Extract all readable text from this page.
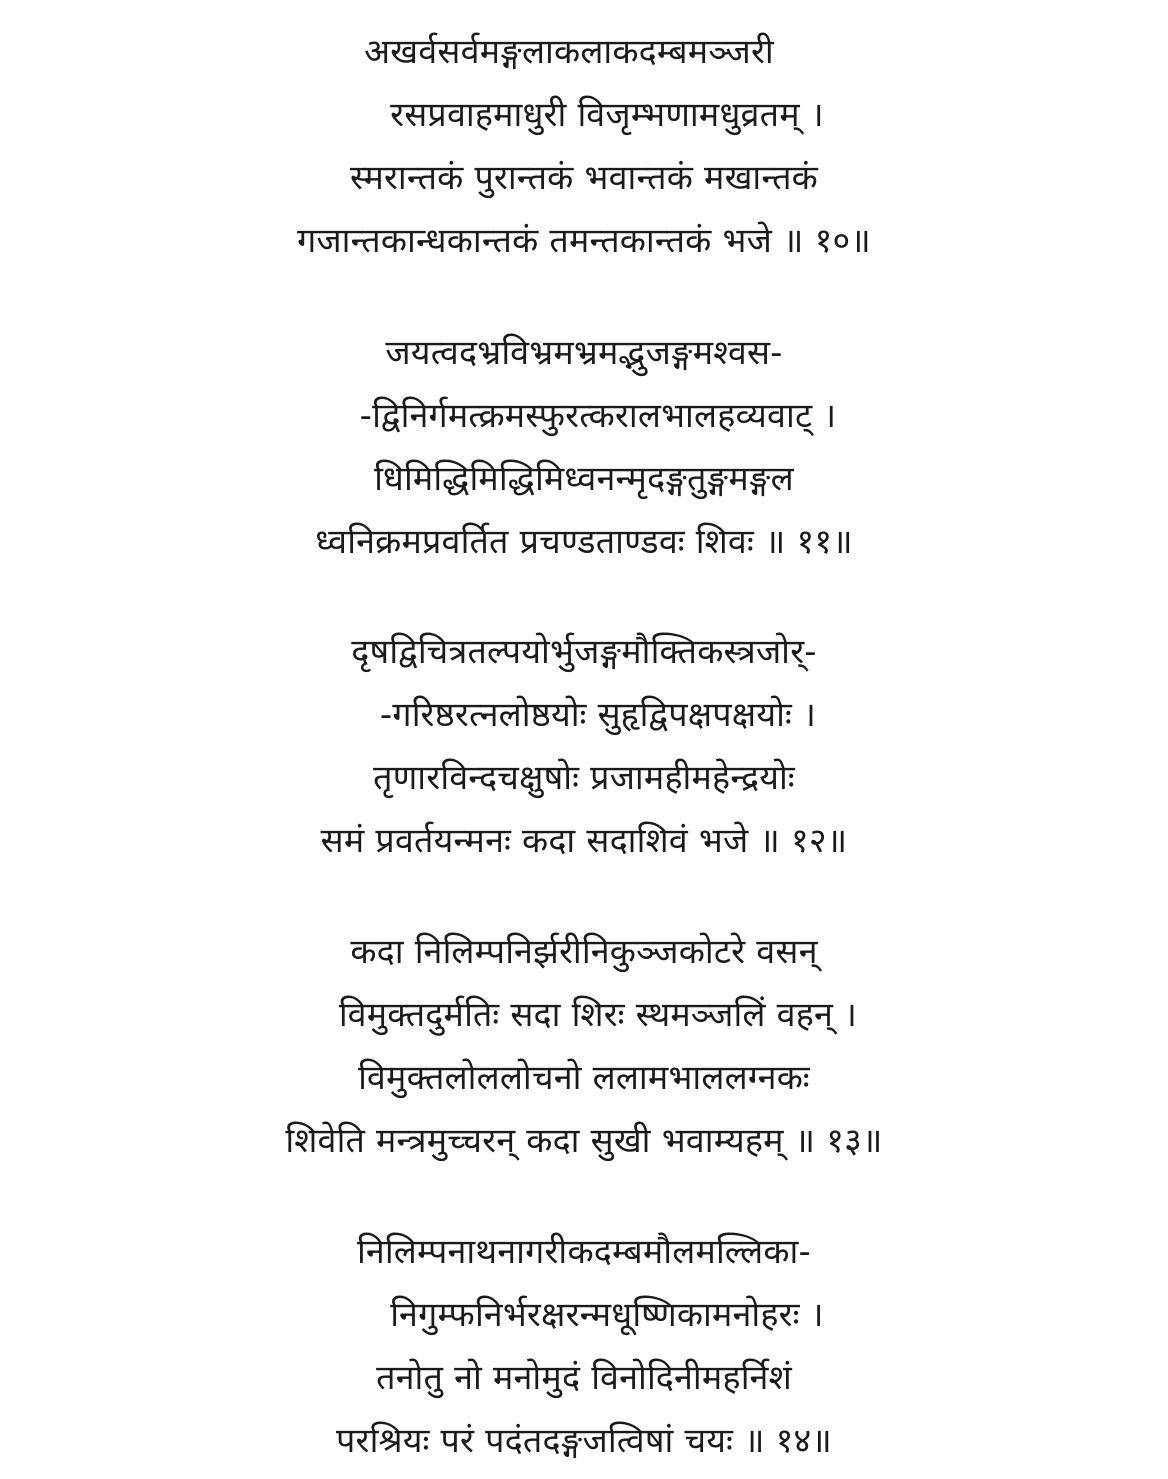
अखर्वसर्वमङ्गलाकलाकदम्बमञ्जरी
रसप्रवाहमाधुरी विजृम्भणामधुव्रतम् ।
स्मरान्तकं पुरान्तकं भवान्तकं मखान्तकं
गजान्तकान्धकान्तकं तमन्तकान्तकं भजे ॥ १०॥
जयत्वदभ्रविभ्रमभ्रमद्भुजङ्गमश्वस-
-द्विनिर्गमत्क्रमस्फुरत्करालभालहव्यवाट् ।
धिमिद्धिमिद्धिमिध्वनन्मृदङ्गतुङ्गमङ्गल
ध्वनिक्रमप्रवर्तित प्रचण्डताण्डवः शिवः ॥ ११॥
दृषद्विचित्रतल्पयोर्भुजङ्गमौक्तिकस्त्रजोर्-
-गरिष्ठरत्नलोष्ठयोः सुहृद्विपक्षपक्षयोः ।
तृणारविन्दचक्षुषोः प्रजामहीमहेन्द्रयोः
समं प्रवर्तयन्मनः कदा सदाशिवं भजे ॥ १२॥
कदा निलिम्पनिर्झरीनिकुञ्जकोटरे वसन्
विमुक्तदुर्मतिः सदा शिरः स्थमञ्जलिं वहन् ।
विमुक्तलोललोचनो ललामभाललग्नकः
शिवेति मन्त्रमुच्चरन् कदा सुखी भवाम्यहम् ॥ १३॥
निलिम्पनाथनागरीकदम्बमौलमल्लिका-
निगुम्फनिर्भरक्षरन्मधूष्णिकामनोहरः ।
तनोतु नो मनोमुदं विनोदिनीमहर्निशं
परश्रियः परं पदंतदङ्गजत्विषां चयः ॥ १४॥
